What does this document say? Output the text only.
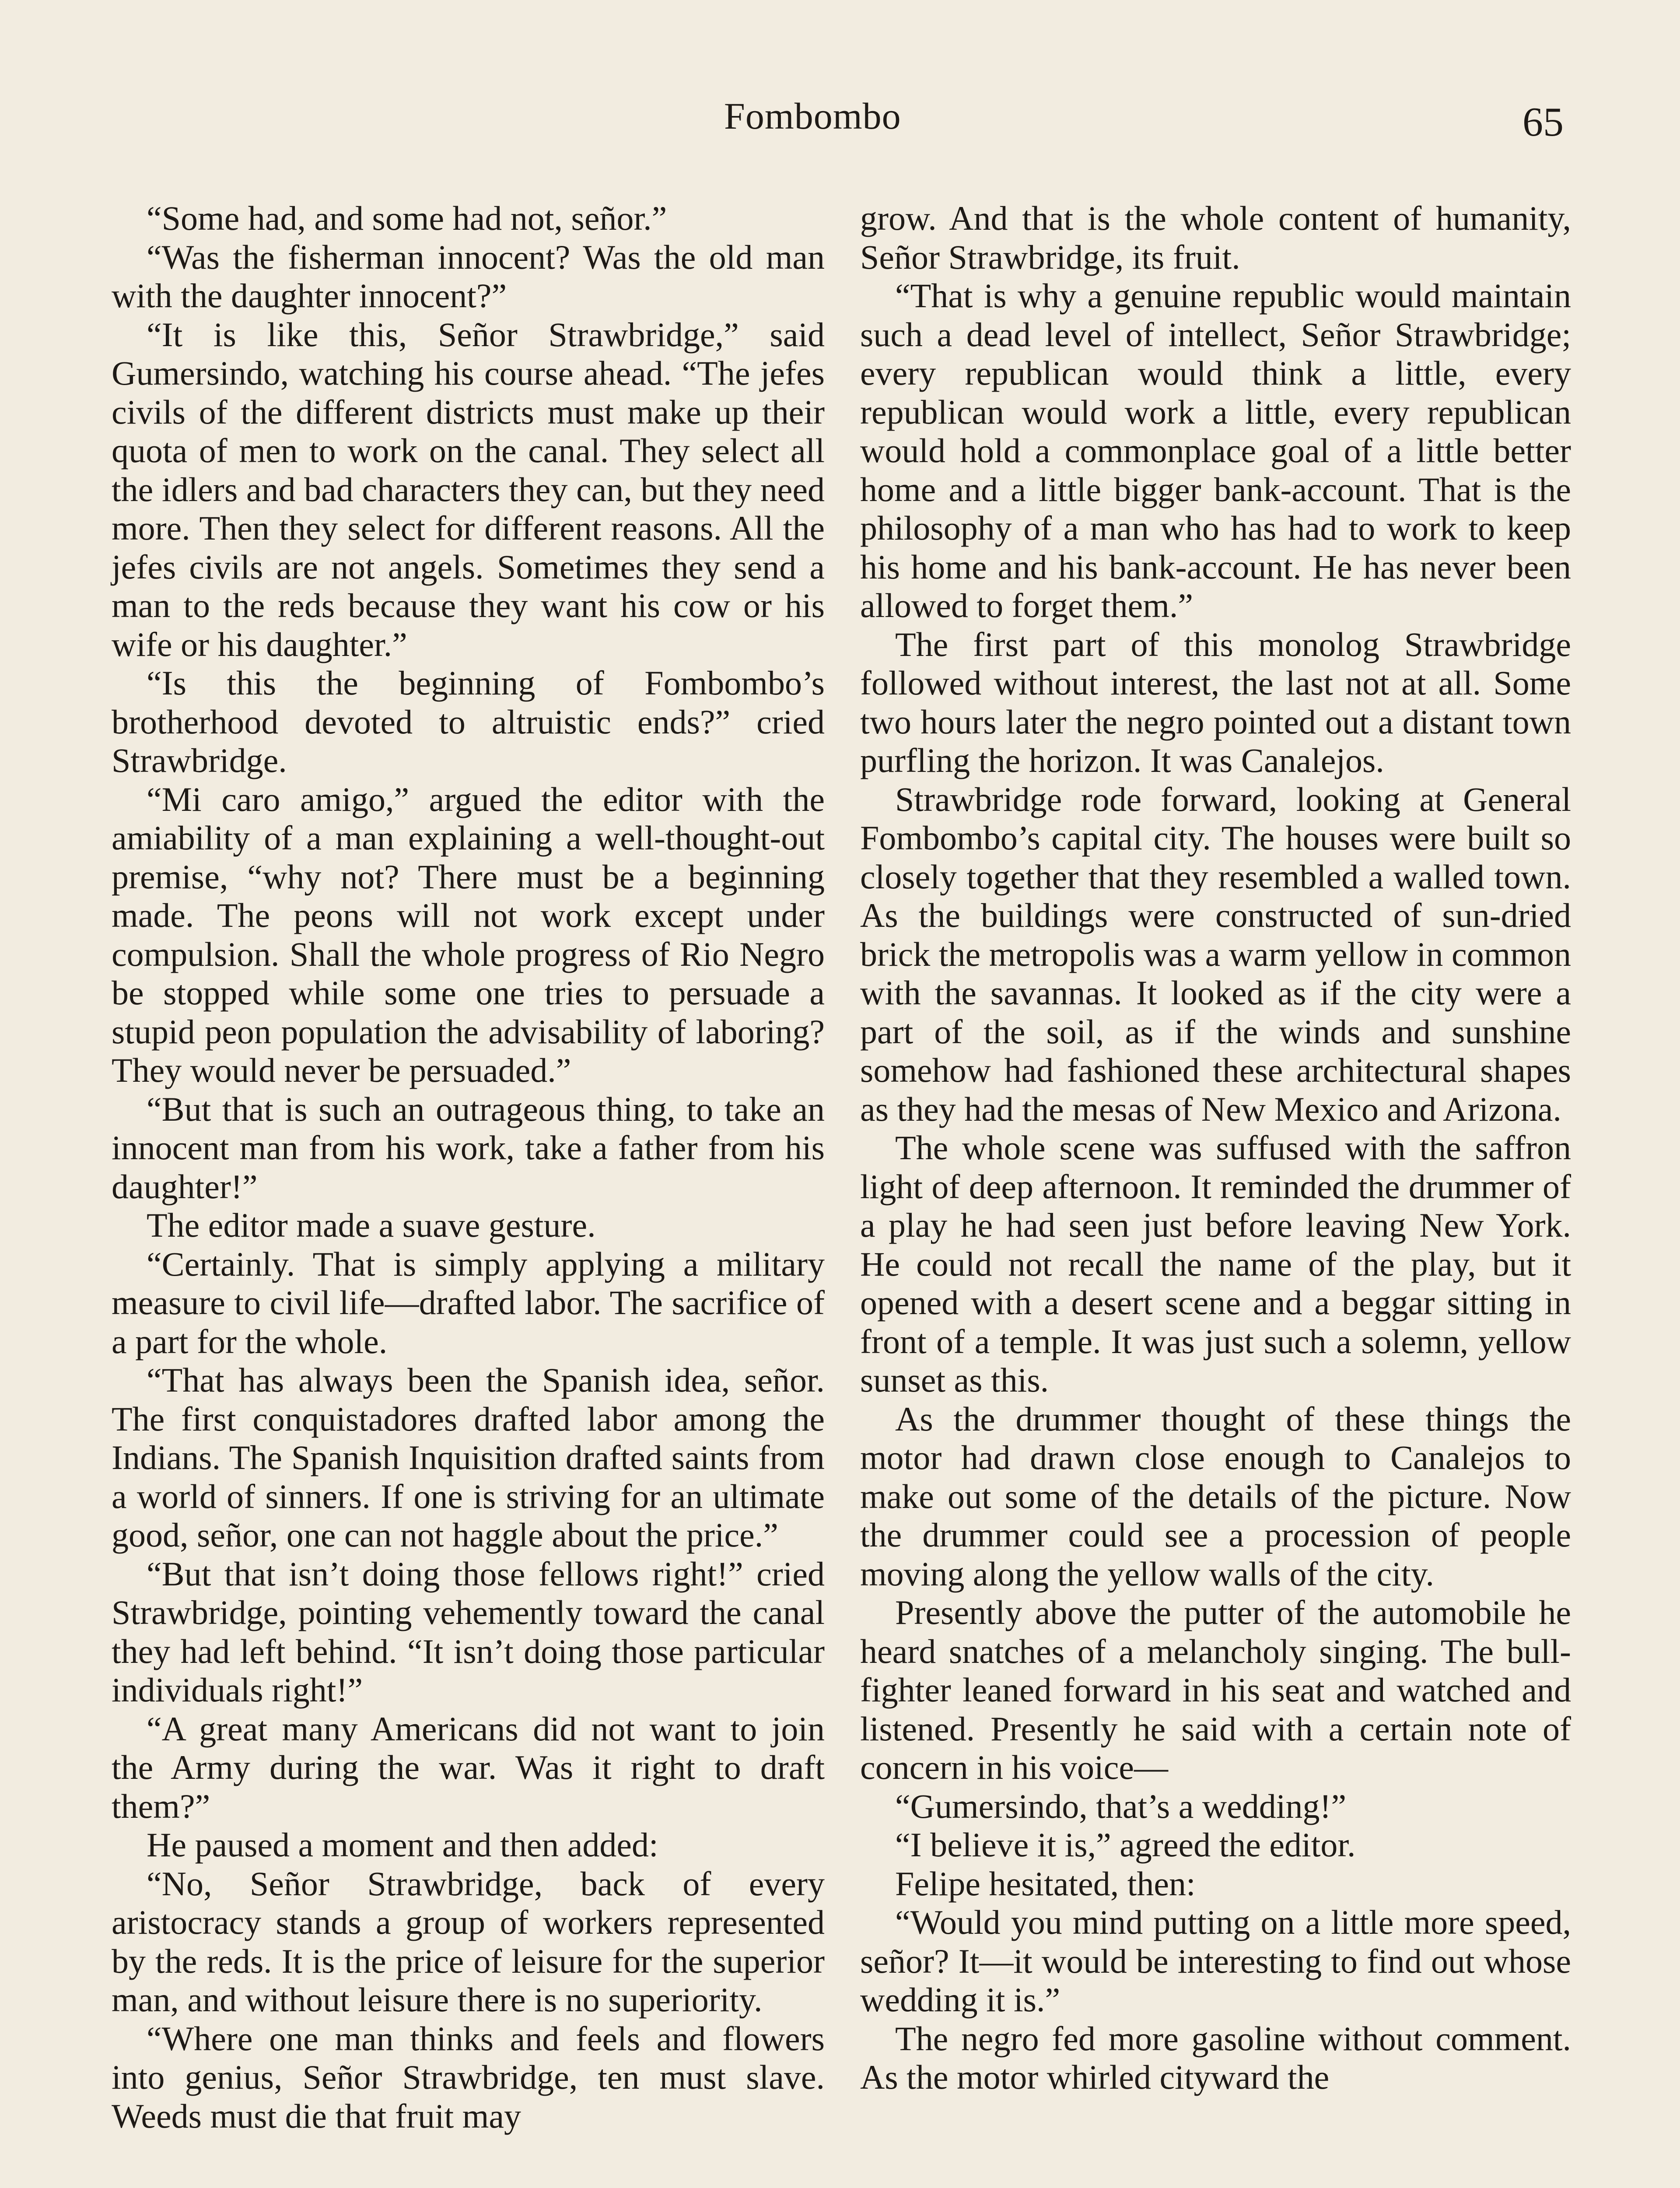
Fombombo	65

“Some had, and some had not, señor.”

“Was the fisherman innocent? Was the old man with the daughter innocent?”

“It is like this, Señor Strawbridge,” said Gumersindo, watching his course ahead. “The jefes civils of the different districts must make up their quota of men to work on the canal. They select all the idlers and bad characters they can, but they need more. Then they select for different reasons. All the jefes civils are not angels. Sometimes they send a man to the reds because they want his cow or his wife or his daughter.”

“Is this the beginning of Fombombo’s brotherhood devoted to altruistic ends?” cried Strawbridge.

“Mi caro amigo,” argued the editor with the amiability of a man explaining a well-thought-out premise, “why not? There must be a beginning made. The peons will not work except under compulsion. Shall the whole progress of Rio Negro be stopped while some one tries to persuade a stupid peon population the advisability of laboring? They would never be persuaded.”

“But that is such an outrageous thing, to take an innocent man from his work, take a father from his daughter!”

The editor made a suave gesture.

“Certainly. That is simply applying a military measure to civil life—drafted labor. The sacrifice of a part for the whole.

“That has always been the Spanish idea, señor. The first conquistadores drafted labor among the Indians. The Spanish Inquisition drafted saints from a world of sinners. If one is striving for an ultimate good, señor, one can not haggle about the price.”

“But that isn’t doing those fellows right!” cried Strawbridge, pointing vehemently toward the canal they had left behind. “It isn’t doing those particular individuals right!”

“A great many Americans did not want to join the Army during the war. Was it right to draft them?”

He paused a moment and then added:

“No, Señor Strawbridge, back of every aristocracy stands a group of workers represented by the reds. It is the price of leisure for the superior man, and without leisure there is no superiority.

“Where one man thinks and feels and flowers into genius, Señor Strawbridge, ten must slave. Weeds must die that fruit may

grow. And that is the whole content of humanity, Señor Strawbridge, its fruit.

“That is why a genuine republic would maintain such a dead level of intellect, Señor Strawbridge; every republican would think a little, every republican would work a little, every republican would hold a commonplace goal of a little better home and a little bigger bank-account. That is the philosophy of a man who has had to work to keep his home and his bank-account. He has never been allowed to forget them.”

The first part of this monolog Strawbridge followed without interest, the last not at all. Some two hours later the negro pointed out a distant town purfling the horizon. It was Canalejos.

Strawbridge rode forward, looking at General Fombombo’s capital city. The houses were built so closely together that they resembled a walled town. As the buildings were constructed of sun-dried brick the metropolis was a warm yellow in common with the savannas. It looked as if the city were a part of the soil, as if the winds and sunshine somehow had fashioned these architectural shapes as they had the mesas of New Mexico and Arizona.

The whole scene was suffused with the saffron light of deep afternoon. It reminded the drummer of a play he had seen just before leaving New York. He could not recall the name of the play, but it opened with a desert scene and a beggar sitting in front of a temple. It was just such a solemn, yellow sunset as this.

As the drummer thought of these things the motor had drawn close enough to Canalejos to make out some of the details of the picture. Now the drummer could see a procession of people moving along the yellow walls of the city.

Presently above the putter of the automobile he heard snatches of a melancholy singing. The bull-fighter leaned forward in his seat and watched and listened. Presently he said with a certain note of concern in his voice—

“Gumersindo, that’s a wedding!”

“I believe it is,” agreed the editor.

Felipe hesitated, then:

“Would you mind putting on a little more speed, señor? It—it would be interesting to find out whose wedding it is.”

The negro fed more gasoline without comment. As the motor whirled cityward the
